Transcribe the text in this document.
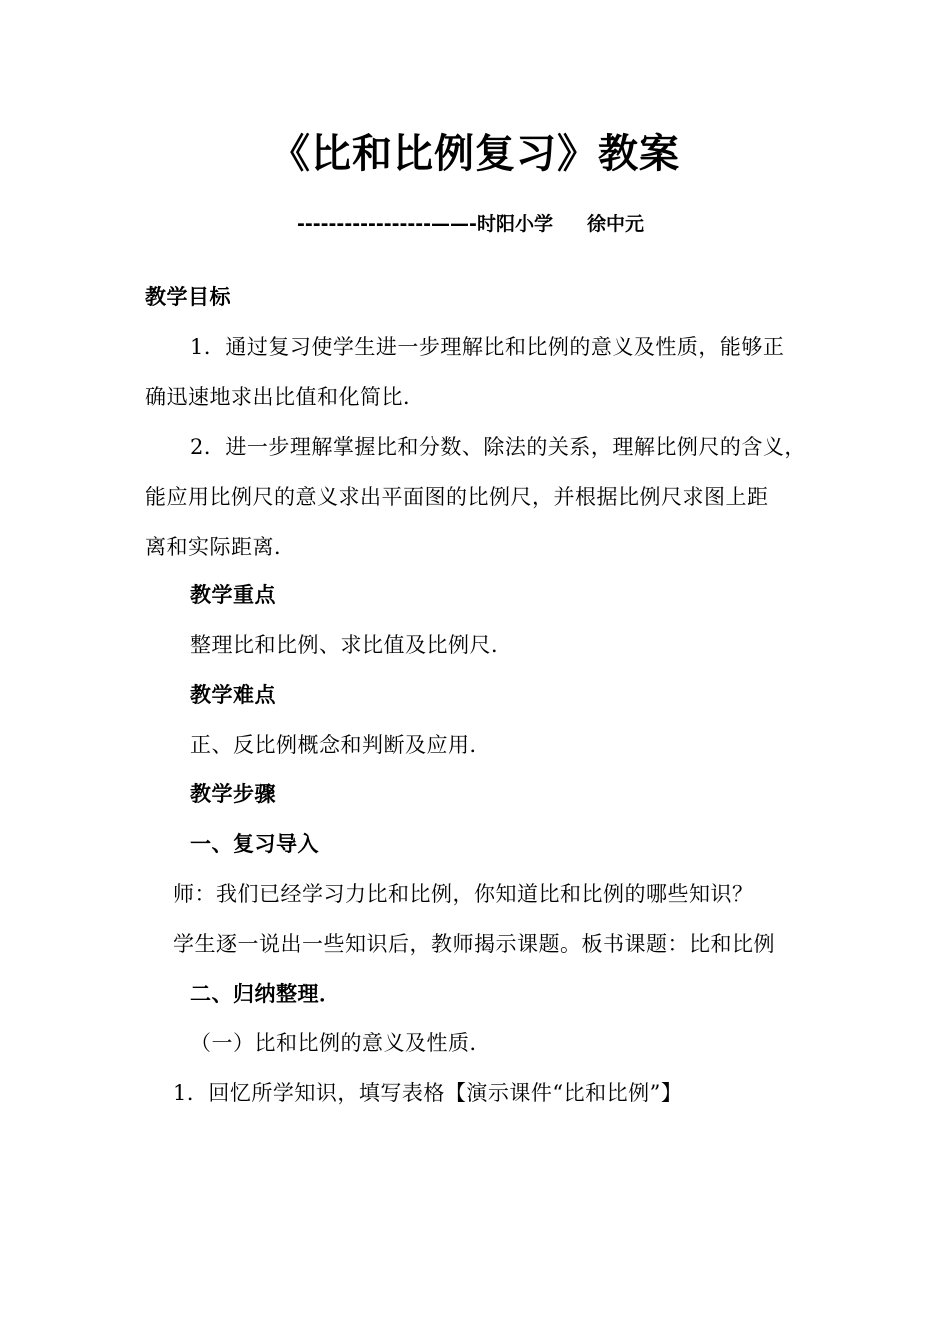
《比和比例复习》教案
-----------------——-时阳小学 徐中元
教学目标
1．通过复习使学生进一步理解比和比例的意义及性质，能够正
确迅速地求出比值和化简比．
2．进一步理解掌握比和分数、除法的关系，理解比例尺的含义，
能应用比例尺的意义求出平面图的比例尺，并根据比例尺求图上距
离和实际距离．
教学重点
整理比和比例、求比值及比例尺．
教学难点
正、反比例概念和判断及应用．
教学步骤
一、复习导入
师：我们已经学习力比和比例，你知道比和比例的哪些知识？
学生逐一说出一些知识后，教师揭示课题。板书课题：比和比例
二、归纳整理．
（一）比和比例的意义及性质．
1．回忆所学知识，填写表格【演示课件“比和比例”】
